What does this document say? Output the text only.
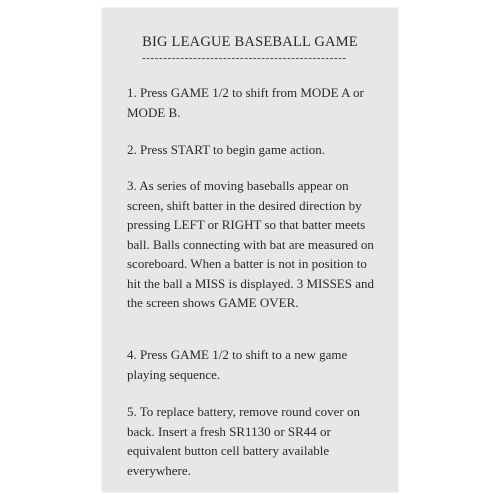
BIG LEAGUE BASEBALL GAME
------------------------------------------------

1. Press GAME 1/2 to shift from MODE A or MODE B.

2. Press START to begin game action.

3. As series of moving baseballs appear on screen, shift batter in the desired direction by pressing LEFT or RIGHT so that batter meets ball. Balls connecting with bat are measured on scoreboard. When a batter is not in position to hit the ball a MISS is displayed. 3 MISSES and the screen shows GAME OVER.

4. Press GAME 1/2 to shift to a new game playing sequence.

5. To replace battery, remove round cover on back. Insert a fresh SR1130 or SR44 or equivalent button cell battery available everywhere.
